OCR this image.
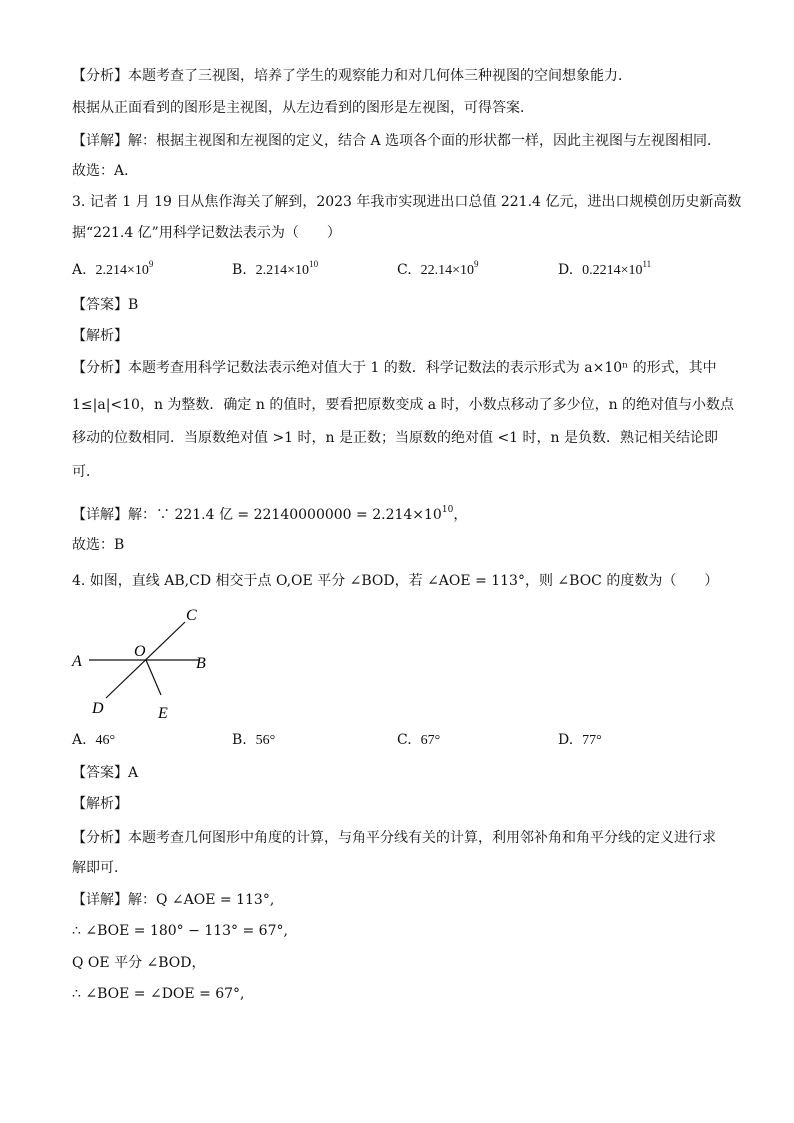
【分析】本题考查了三视图，培养了学生的观察能力和对几何体三种视图的空间想象能力．
根据从正面看到的图形是主视图，从左边看到的图形是左视图，可得答案．
【详解】解：根据主视图和左视图的定义，结合 A 选项各个面的形状都一样，因此主视图与左视图相同．
故选：A．
3. 记者 1 月 19 日从焦作海关了解到，2023 年我市实现进出口总值 221.4 亿元，进出口规模创历史新高数
据“221.4 亿”用科学记数法表示为（　　）
A. $2.214\times 10^9$	B. $2.214\times 10^{10}$	C. $22.14\times 10^9$	D. $0.2214\times 10^{11}$
【答案】B
【解析】
【分析】本题考查用科学记数法表示绝对值大于 1 的数．科学记数法的表示形式为 a×10ⁿ 的形式，其中
1≤|a|<10，n 为整数．确定 n 的值时，要看把原数变成 a 时，小数点移动了多少位，n 的绝对值与小数点
移动的位数相同．当原数绝对值 >1 时，n 是正数；当原数的绝对值 <1 时，n 是负数．熟记相关结论即
可．
【详解】解：∵ 221.4 亿 = $22140000000 = 2.214\times 10^{10}$，
故选：B
4. 如图，直线 AB,CD 相交于点 O,OE 平分 ∠BOD，若 ∠AOE = 113°，则 ∠BOC 的度数为（　　）
A	B
C
D	E
O
A. 46°	B. 56°	C. 67°	D. 77°
【答案】A
【解析】
【分析】本题考查几何图形中角度的计算，与角平分线有关的计算，利用邻补角和角平分线的定义进行求
解即可.
【详解】解：Q ∠AOE = 113°,
∴ ∠BOE = 180° − 113° = 67°,
Q OE 平分 ∠BOD，
∴ ∠BOE = ∠DOE = 67°,
